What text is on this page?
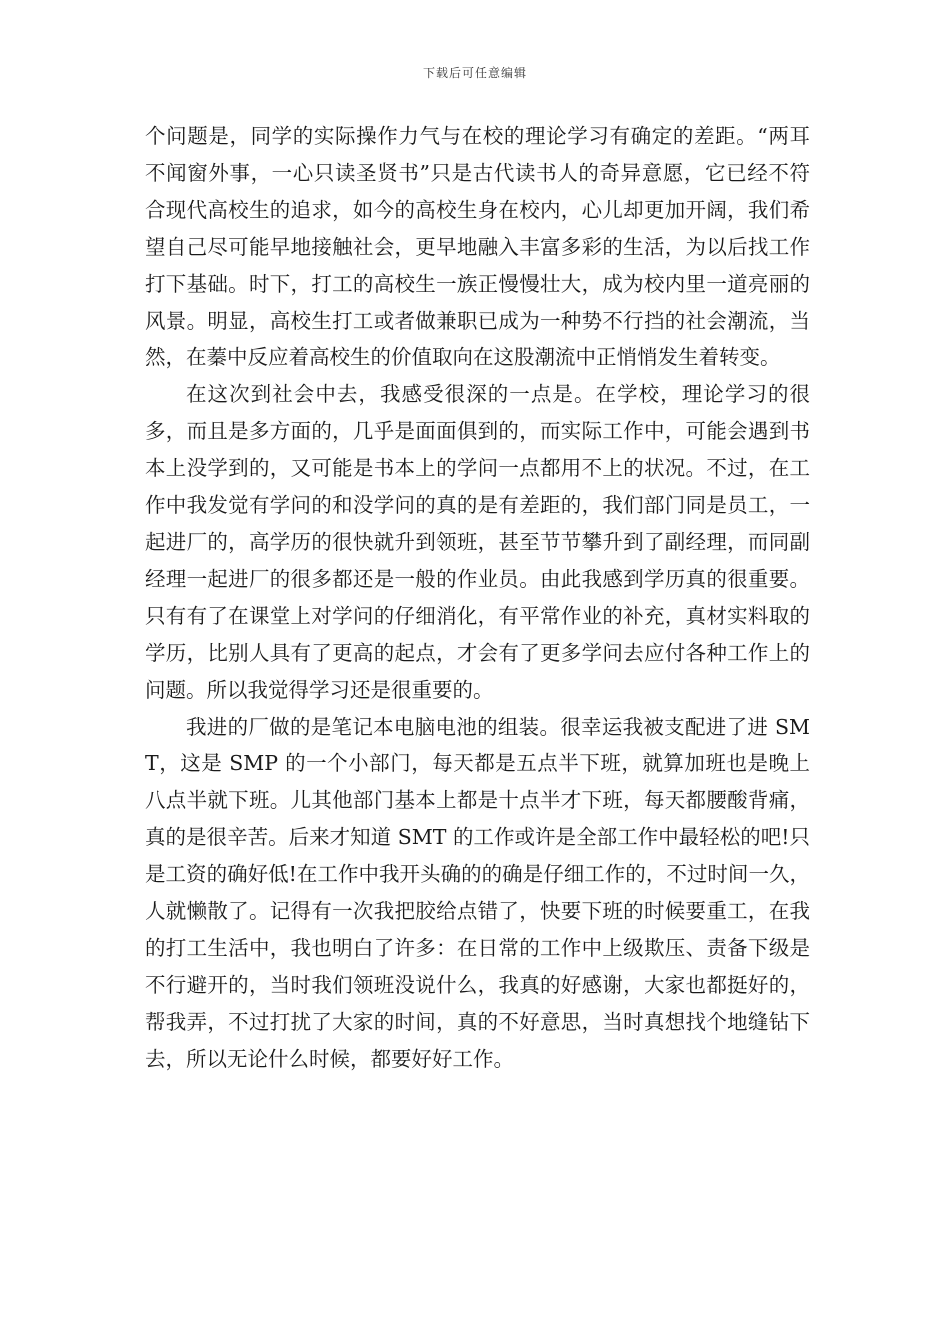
下载后可任意编辑

个问题是，同学的实际操作力气与在校的理论学习有确定的差距。“两耳不闻窗外事，一心只读圣贤书”只是古代读书人的奇异意愿，它已经不符合现代高校生的追求，如今的高校生身在校内，心儿却更加开阔，我们希望自己尽可能早地接触社会，更早地融入丰富多彩的生活，为以后找工作打下基础。时下，打工的高校生一族正慢慢壮大，成为校内里一道亮丽的风景。明显，高校生打工或者做兼职已成为一种势不行挡的社会潮流，当然，在蓁中反应着高校生的价值取向在这股潮流中正悄悄发生着转变。

在这次到社会中去，我感受很深的一点是。在学校，理论学习的很多，而且是多方面的，几乎是面面俱到的，而实际工作中，可能会遇到书本上没学到的，又可能是书本上的学问一点都用不上的状况。不过，在工作中我发觉有学问的和没学问的真的是有差距的，我们部门同是员工，一起进厂的，高学历的很快就升到领班，甚至节节攀升到了副经理，而同副经理一起进厂的很多都还是一般的作业员。由此我感到学历真的很重要。只有有了在课堂上对学问的仔细消化，有平常作业的补充，真材实料取的学历，比别人具有了更高的起点，才会有了更多学问去应付各种工作上的问题。所以我觉得学习还是很重要的。

我进的厂做的是笔记本电脑电池的组装。很幸运我被支配进了进 SMT，这是 SMP 的一个小部门，每天都是五点半下班，就算加班也是晚上八点半就下班。儿其他部门基本上都是十点半才下班，每天都腰酸背痛，真的是很辛苦。后来才知道 SMT 的工作或许是全部工作中最轻松的吧!只是工资的确好低!在工作中我开头确的的确是仔细工作的，不过时间一久，人就懒散了。记得有一次我把胶给点错了，快要下班的时候要重工，在我的打工生活中，我也明白了许多：在日常的工作中上级欺压、责备下级是不行避开的，当时我们领班没说什么，我真的好感谢，大家也都挺好的，帮我弄，不过打扰了大家的时间，真的不好意思，当时真想找个地缝钻下去，所以无论什么时候，都要好好工作。
